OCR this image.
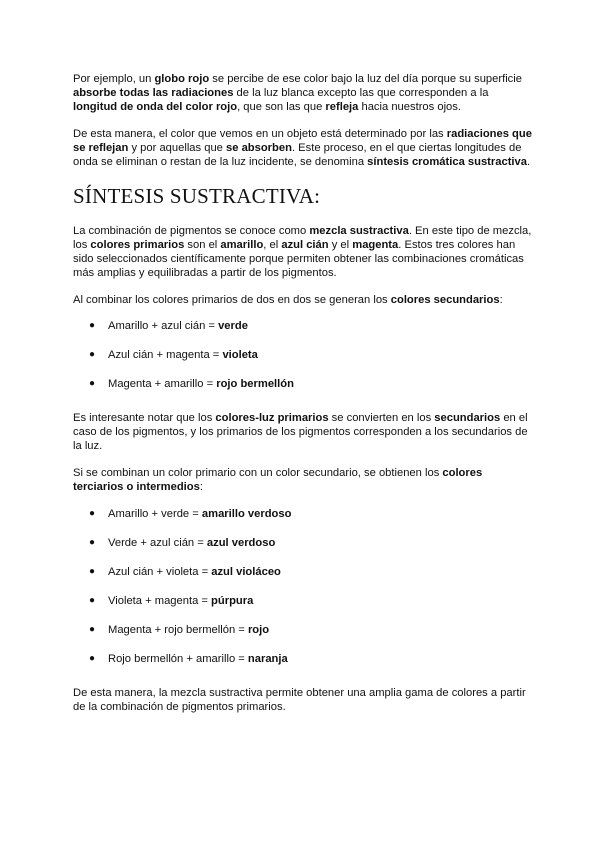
Por ejemplo, un globo rojo se percibe de ese color bajo la luz del día porque su superficie absorbe todas las radiaciones de la luz blanca excepto las que corresponden a la longitud de onda del color rojo, que son las que refleja hacia nuestros ojos.

De esta manera, el color que vemos en un objeto está determinado por las radiaciones que se reflejan y por aquellas que se absorben. Este proceso, en el que ciertas longitudes de onda se eliminan o restan de la luz incidente, se denomina síntesis cromática sustractiva.

SÍNTESIS SUSTRACTIVA:

La combinación de pigmentos se conoce como mezcla sustractiva. En este tipo de mezcla, los colores primarios son el amarillo, el azul cián y el magenta. Estos tres colores han sido seleccionados científicamente porque permiten obtener las combinaciones cromáticas más amplias y equilibradas a partir de los pigmentos.

Al combinar los colores primarios de dos en dos se generan los colores secundarios:

● Amarillo + azul cián = verde
● Azul cián + magenta = violeta
● Magenta + amarillo = rojo bermellón

Es interesante notar que los colores-luz primarios se convierten en los secundarios en el caso de los pigmentos, y los primarios de los pigmentos corresponden a los secundarios de la luz.

Si se combinan un color primario con un color secundario, se obtienen los colores terciarios o intermedios:

● Amarillo + verde = amarillo verdoso
● Verde + azul cián = azul verdoso
● Azul cián + violeta = azul violáceo
● Violeta + magenta = púrpura
● Magenta + rojo bermellón = rojo
● Rojo bermellón + amarillo = naranja

De esta manera, la mezcla sustractiva permite obtener una amplia gama de colores a partir de la combinación de pigmentos primarios.
